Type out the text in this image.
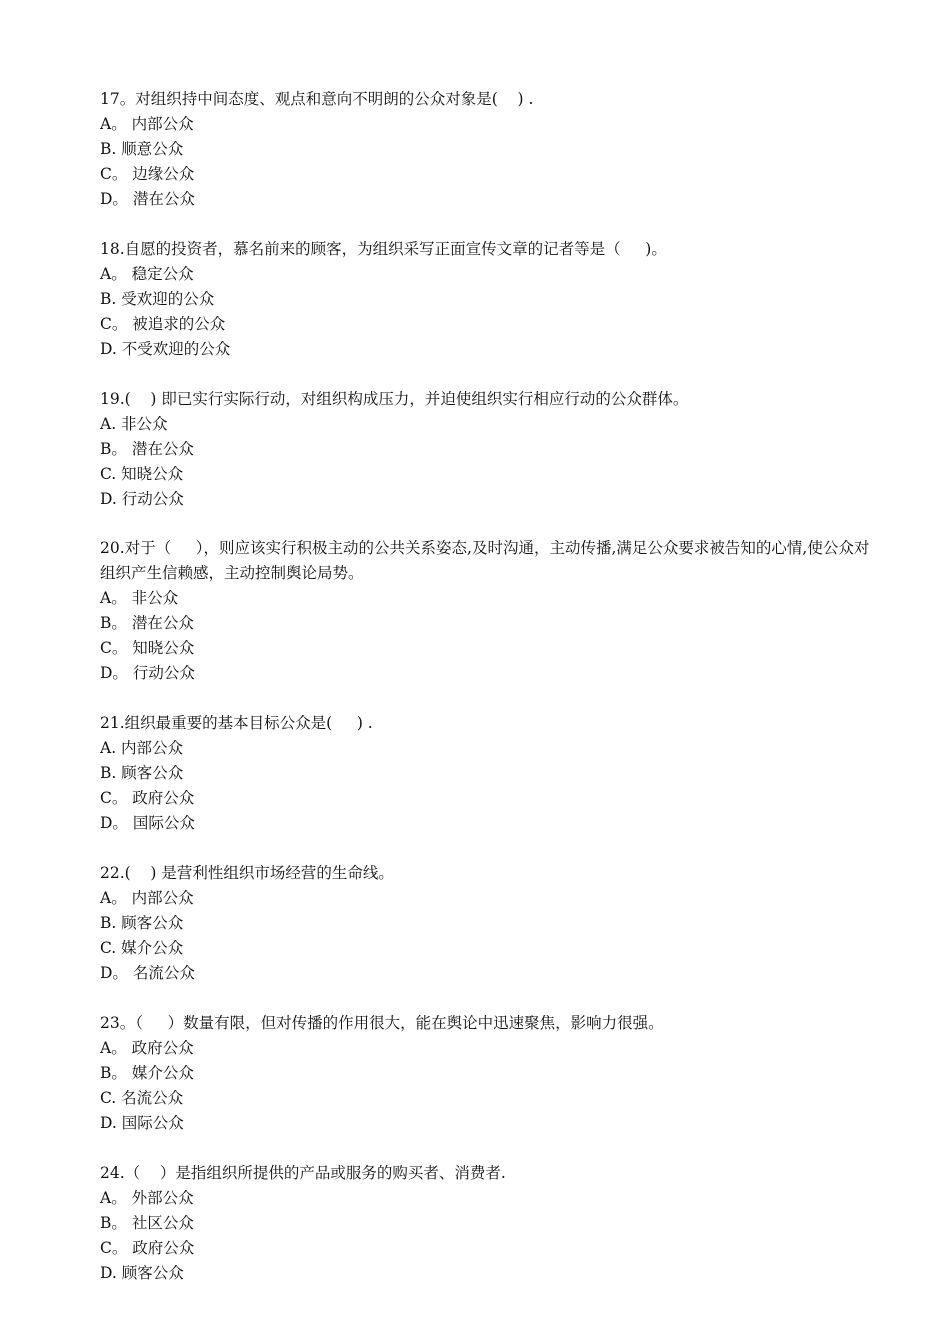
17。对组织持中间态度、观点和意向不明朗的公众对象是(    ) .

A。 内部公众

B. 顺意公众

C。 边缘公众

D。 潜在公众

18.自愿的投资者，慕名前来的顾客，为组织采写正面宣传文章的记者等是（     )。

A。 稳定公众

B. 受欢迎的公众

C。 被追求的公众

D. 不受欢迎的公众

19.(    ) 即已实行实际行动，对组织构成压力，并迫使组织实行相应行动的公众群体。

A. 非公众

B。 潜在公众

C. 知晓公众

D. 行动公众

20.对于（     ），则应该实行积极主动的公共关系姿态,及时沟通，主动传播,满足公众要求被告知的心情,使公众对组织产生信赖感，主动控制舆论局势。

A。 非公众

B。 潜在公众

C。 知晓公众

D。 行动公众

21.组织最重要的基本目标公众是(     ) .

A. 内部公众

B. 顾客公众

C。 政府公众

D。 国际公众

22.(    ) 是营利性组织市场经营的生命线。

A。 内部公众

B. 顾客公众

C. 媒介公众

D。 名流公众

23。（     ）数量有限，但对传播的作用很大，能在舆论中迅速聚焦，影响力很强。

A。 政府公众

B。 媒介公众

C. 名流公众

D. 国际公众

24.（    ）是指组织所提供的产品或服务的购买者、消费者.

A。 外部公众

B。 社区公众

C。 政府公众

D. 顾客公众
